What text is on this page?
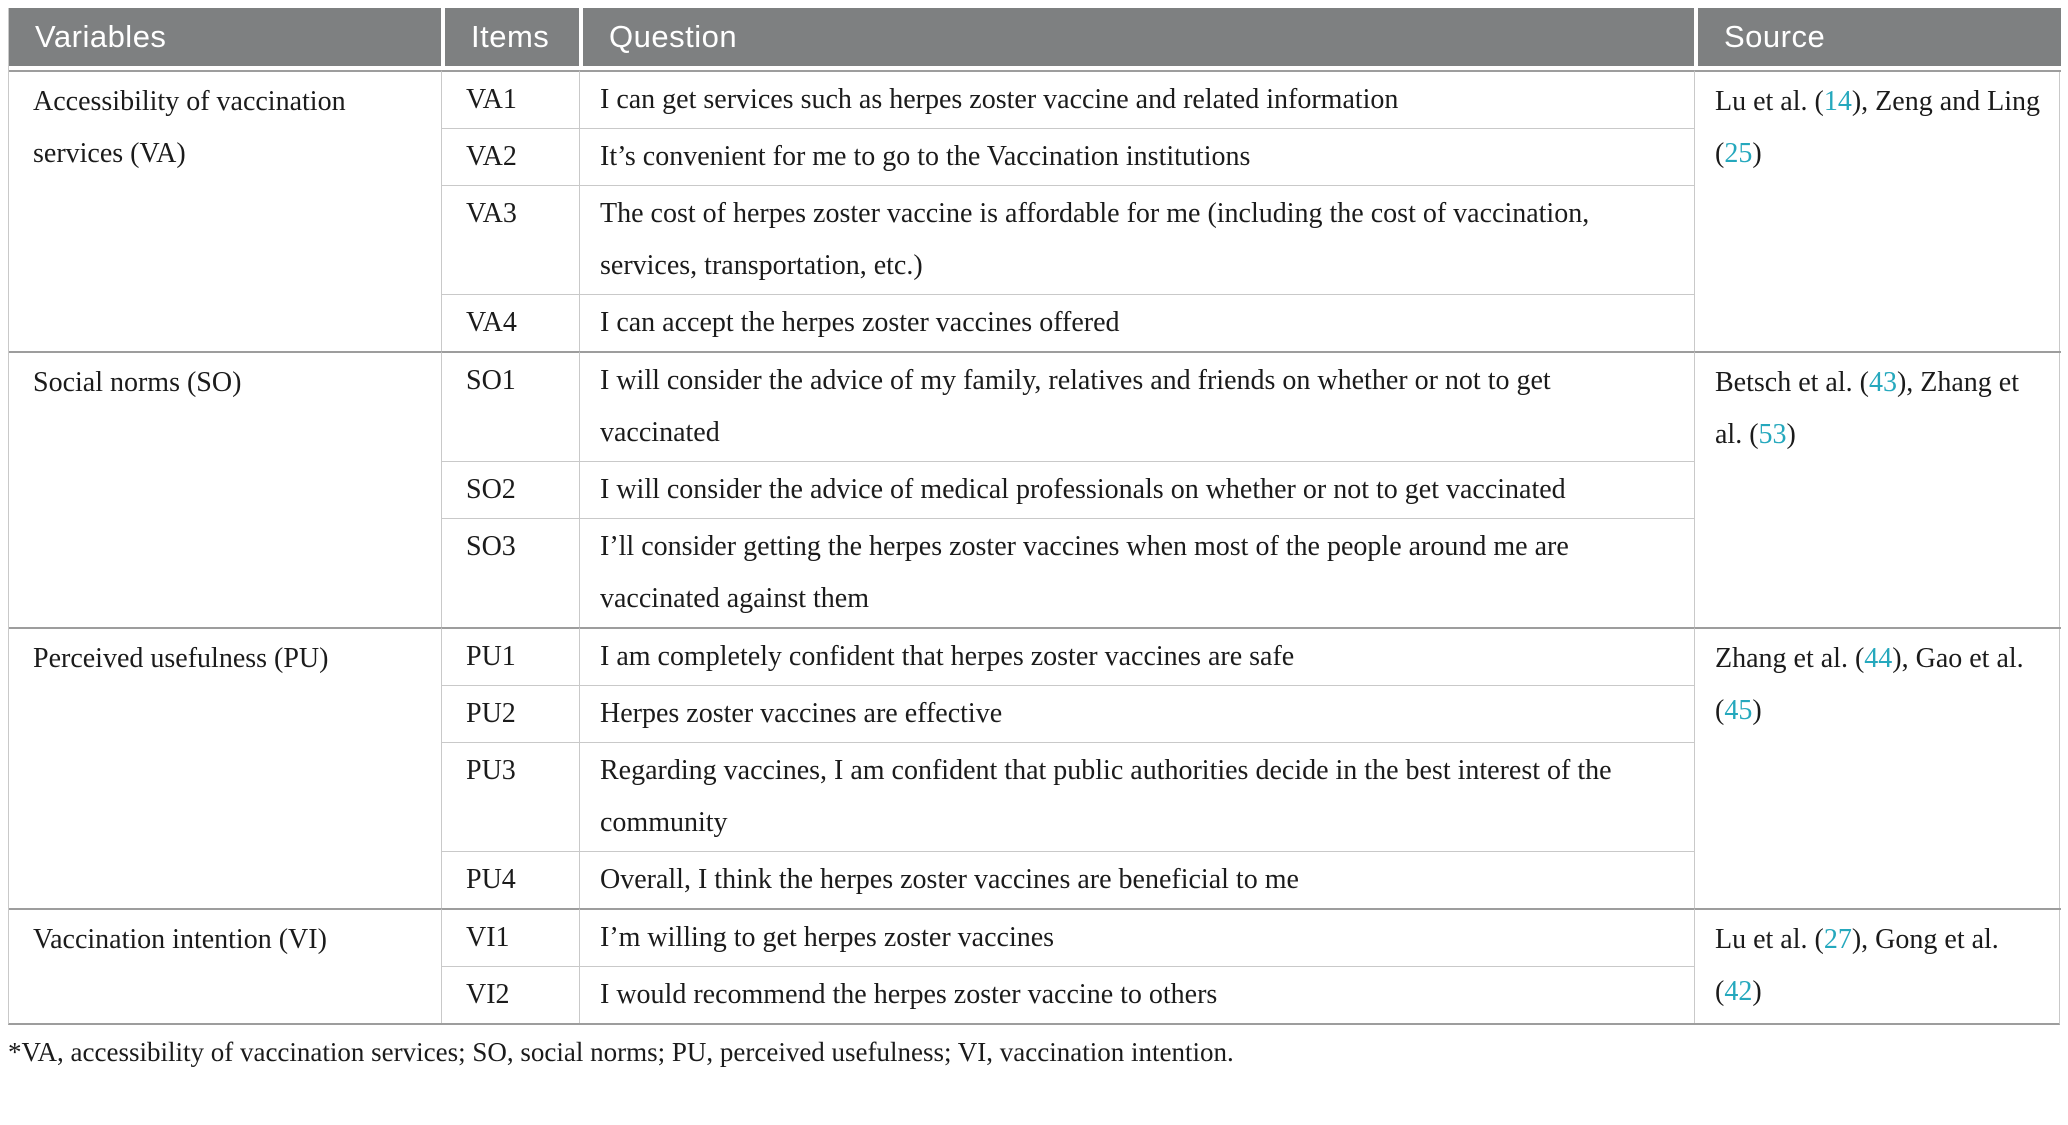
Variables	Items	Question	Source
Accessibility of vaccination services (VA)	VA1	I can get services such as herpes zoster vaccine and related information	Lu et al. (14), Zeng and Ling (25)
	VA2	It’s convenient for me to go to the Vaccination institutions	
	VA3	The cost of herpes zoster vaccine is affordable for me (including the cost of vaccination, services, transportation, etc.)	
	VA4	I can accept the herpes zoster vaccines offered	
Social norms (SO)	SO1	I will consider the advice of my family, relatives and friends on whether or not to get vaccinated	Betsch et al. (43), Zhang et al. (53)
	SO2	I will consider the advice of medical professionals on whether or not to get vaccinated	
	SO3	I’ll consider getting the herpes zoster vaccines when most of the people around me are vaccinated against them	
Perceived usefulness (PU)	PU1	I am completely confident that herpes zoster vaccines are safe	Zhang et al. (44), Gao et al. (45)
	PU2	Herpes zoster vaccines are effective	
	PU3	Regarding vaccines, I am confident that public authorities decide in the best interest of the community	
	PU4	Overall, I think the herpes zoster vaccines are beneficial to me	
Vaccination intention (VI)	VI1	I’m willing to get herpes zoster vaccines	Lu et al. (27), Gong et al. (42)
	VI2	I would recommend the herpes zoster vaccine to others	

*VA, accessibility of vaccination services; SO, social norms; PU, perceived usefulness; VI, vaccination intention.
